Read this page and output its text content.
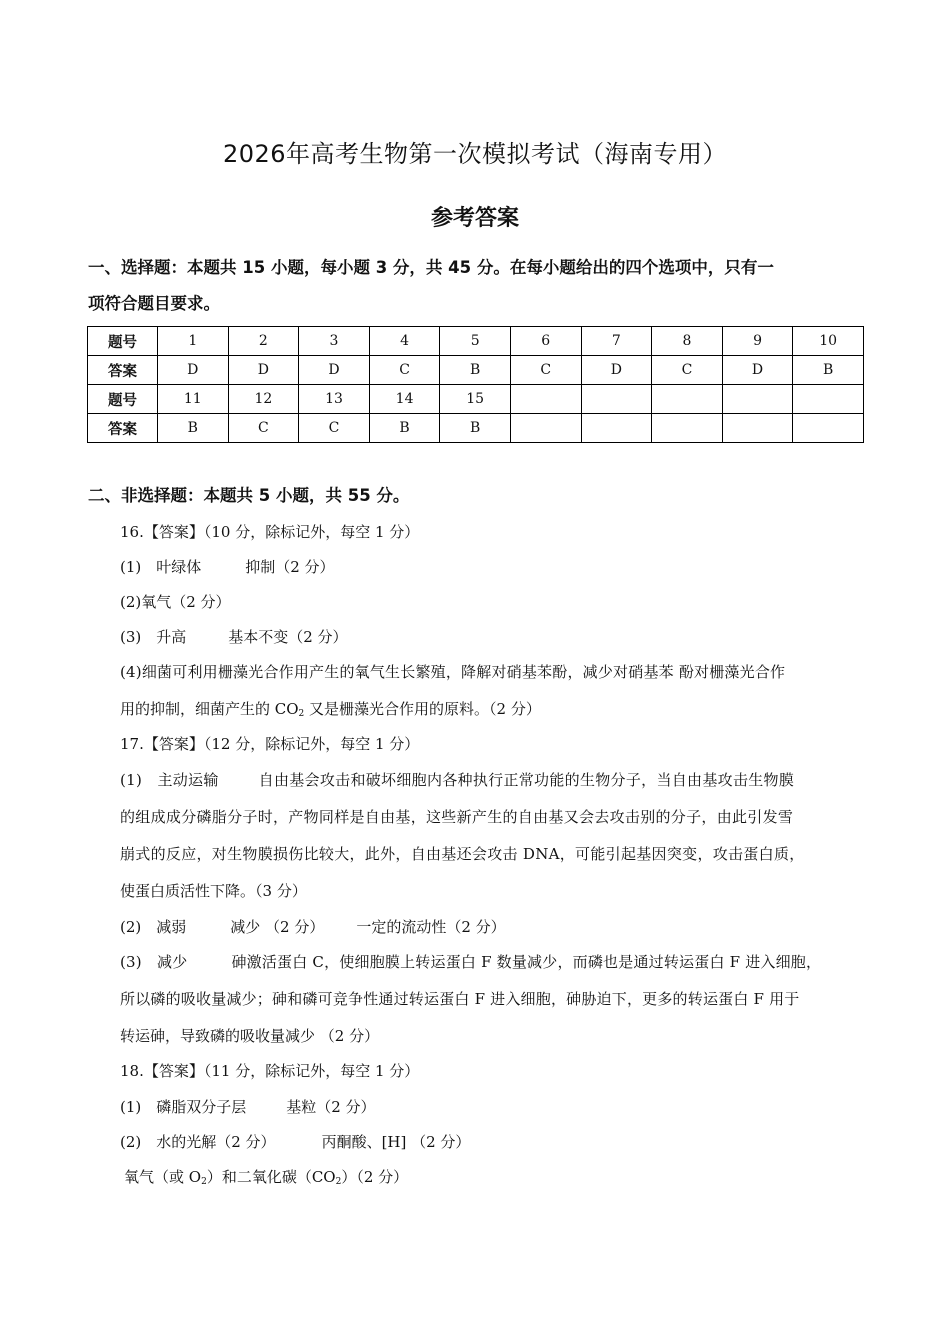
2026年高考生物第一次模拟考试（海南专用）
参考答案
一、选择题：本题共 15 小题，每小题 3 分，共 45 分。在每小题给出的四个选项中，只有一
项符合题目要求。
题号	1	2	3	4	5	6	7	8	9	10
答案	D	D	D	C	B	C	D	C	D	B
题号	11	12	13	14	15					
答案	B	C	C	B	B					
二、非选择题：本题共 5 小题，共 55 分。
16.【答案】（10 分，除标记外，每空 1 分）
(1)　叶绿体	抑制（2 分）
(2)氧气（2 分）
(3)　升高	基本不变（2 分）
(4)细菌可利用栅藻光合作用产生的氧气生长繁殖，降解对硝基苯酚，减少对硝基苯 酚对栅藻光合作
用的抑制，细菌产生的 $CO_2$ 又是栅藻光合作用的原料。（2 分）
17.【答案】（12 分，除标记外，每空 1 分）
(1)　主动运输	自由基会攻击和破坏细胞内各种执行正常功能的生物分子，当自由基攻击生物膜
的组成成分磷脂分子时，产物同样是自由基，这些新产生的自由基又会去攻击别的分子，由此引发雪
崩式的反应，对生物膜损伤比较大，此外，自由基还会攻击 DNA，可能引起基因突变，攻击蛋白质，
使蛋白质活性下降。（3 分）
(2)　减弱	减少 （2 分） 一定的流动性（2 分）
(3)　减少	砷激活蛋白 C，使细胞膜上转运蛋白 F 数量减少，而磷也是通过转运蛋白 F 进入细胞，
所以磷的吸收量减少；砷和磷可竞争性通过转运蛋白 F 进入细胞，砷胁迫下，更多的转运蛋白 F 用于
转运砷，导致磷的吸收量减少 （2 分）
18.【答案】（11 分，除标记外，每空 1 分）
(1)　磷脂双分子层	基粒（2 分）
(2)　水的光解（2 分）	丙酮酸、[H] （2 分）
氧气（或 $O_2$）和二氧化碳$(CO_2)(2$ 分）
